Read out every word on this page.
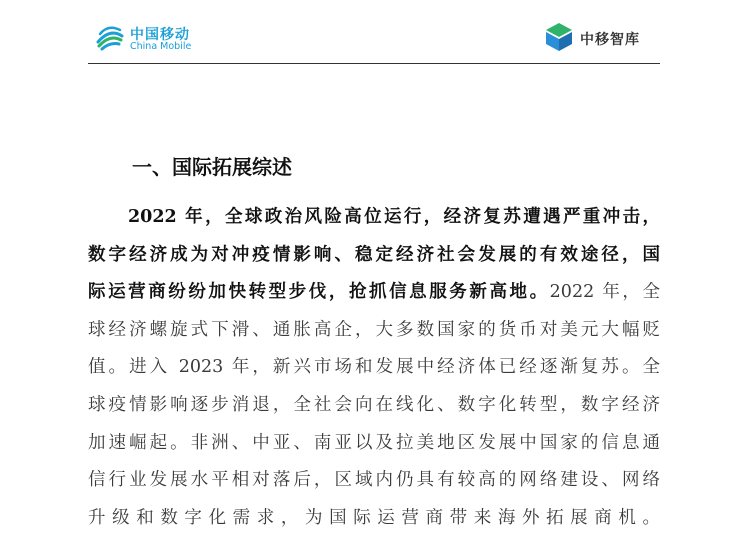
中国移动
China Mobile	中移智库
一、国际拓展综述
2022 年，全球政治风险高位运行，经济复苏遭遇严重冲击，
数字经济成为对冲疫情影响、稳定经济社会发展的有效途径，国
际运营商纷纷加快转型步伐，抢抓信息服务新高地。2022 年，全
球经济螺旋式下滑、通胀高企，大多数国家的货币对美元大幅贬
值。进入 2023 年，新兴市场和发展中经济体已经逐渐复苏。全
球疫情影响逐步消退，全社会向在线化、数字化转型，数字经济
加速崛起。非洲、中亚、南亚以及拉美地区发展中国家的信息通
信行业发展水平相对落后，区域内仍具有较高的网络建设、网络
升级和数字化需求，为国际运营商带来海外拓展商机。
